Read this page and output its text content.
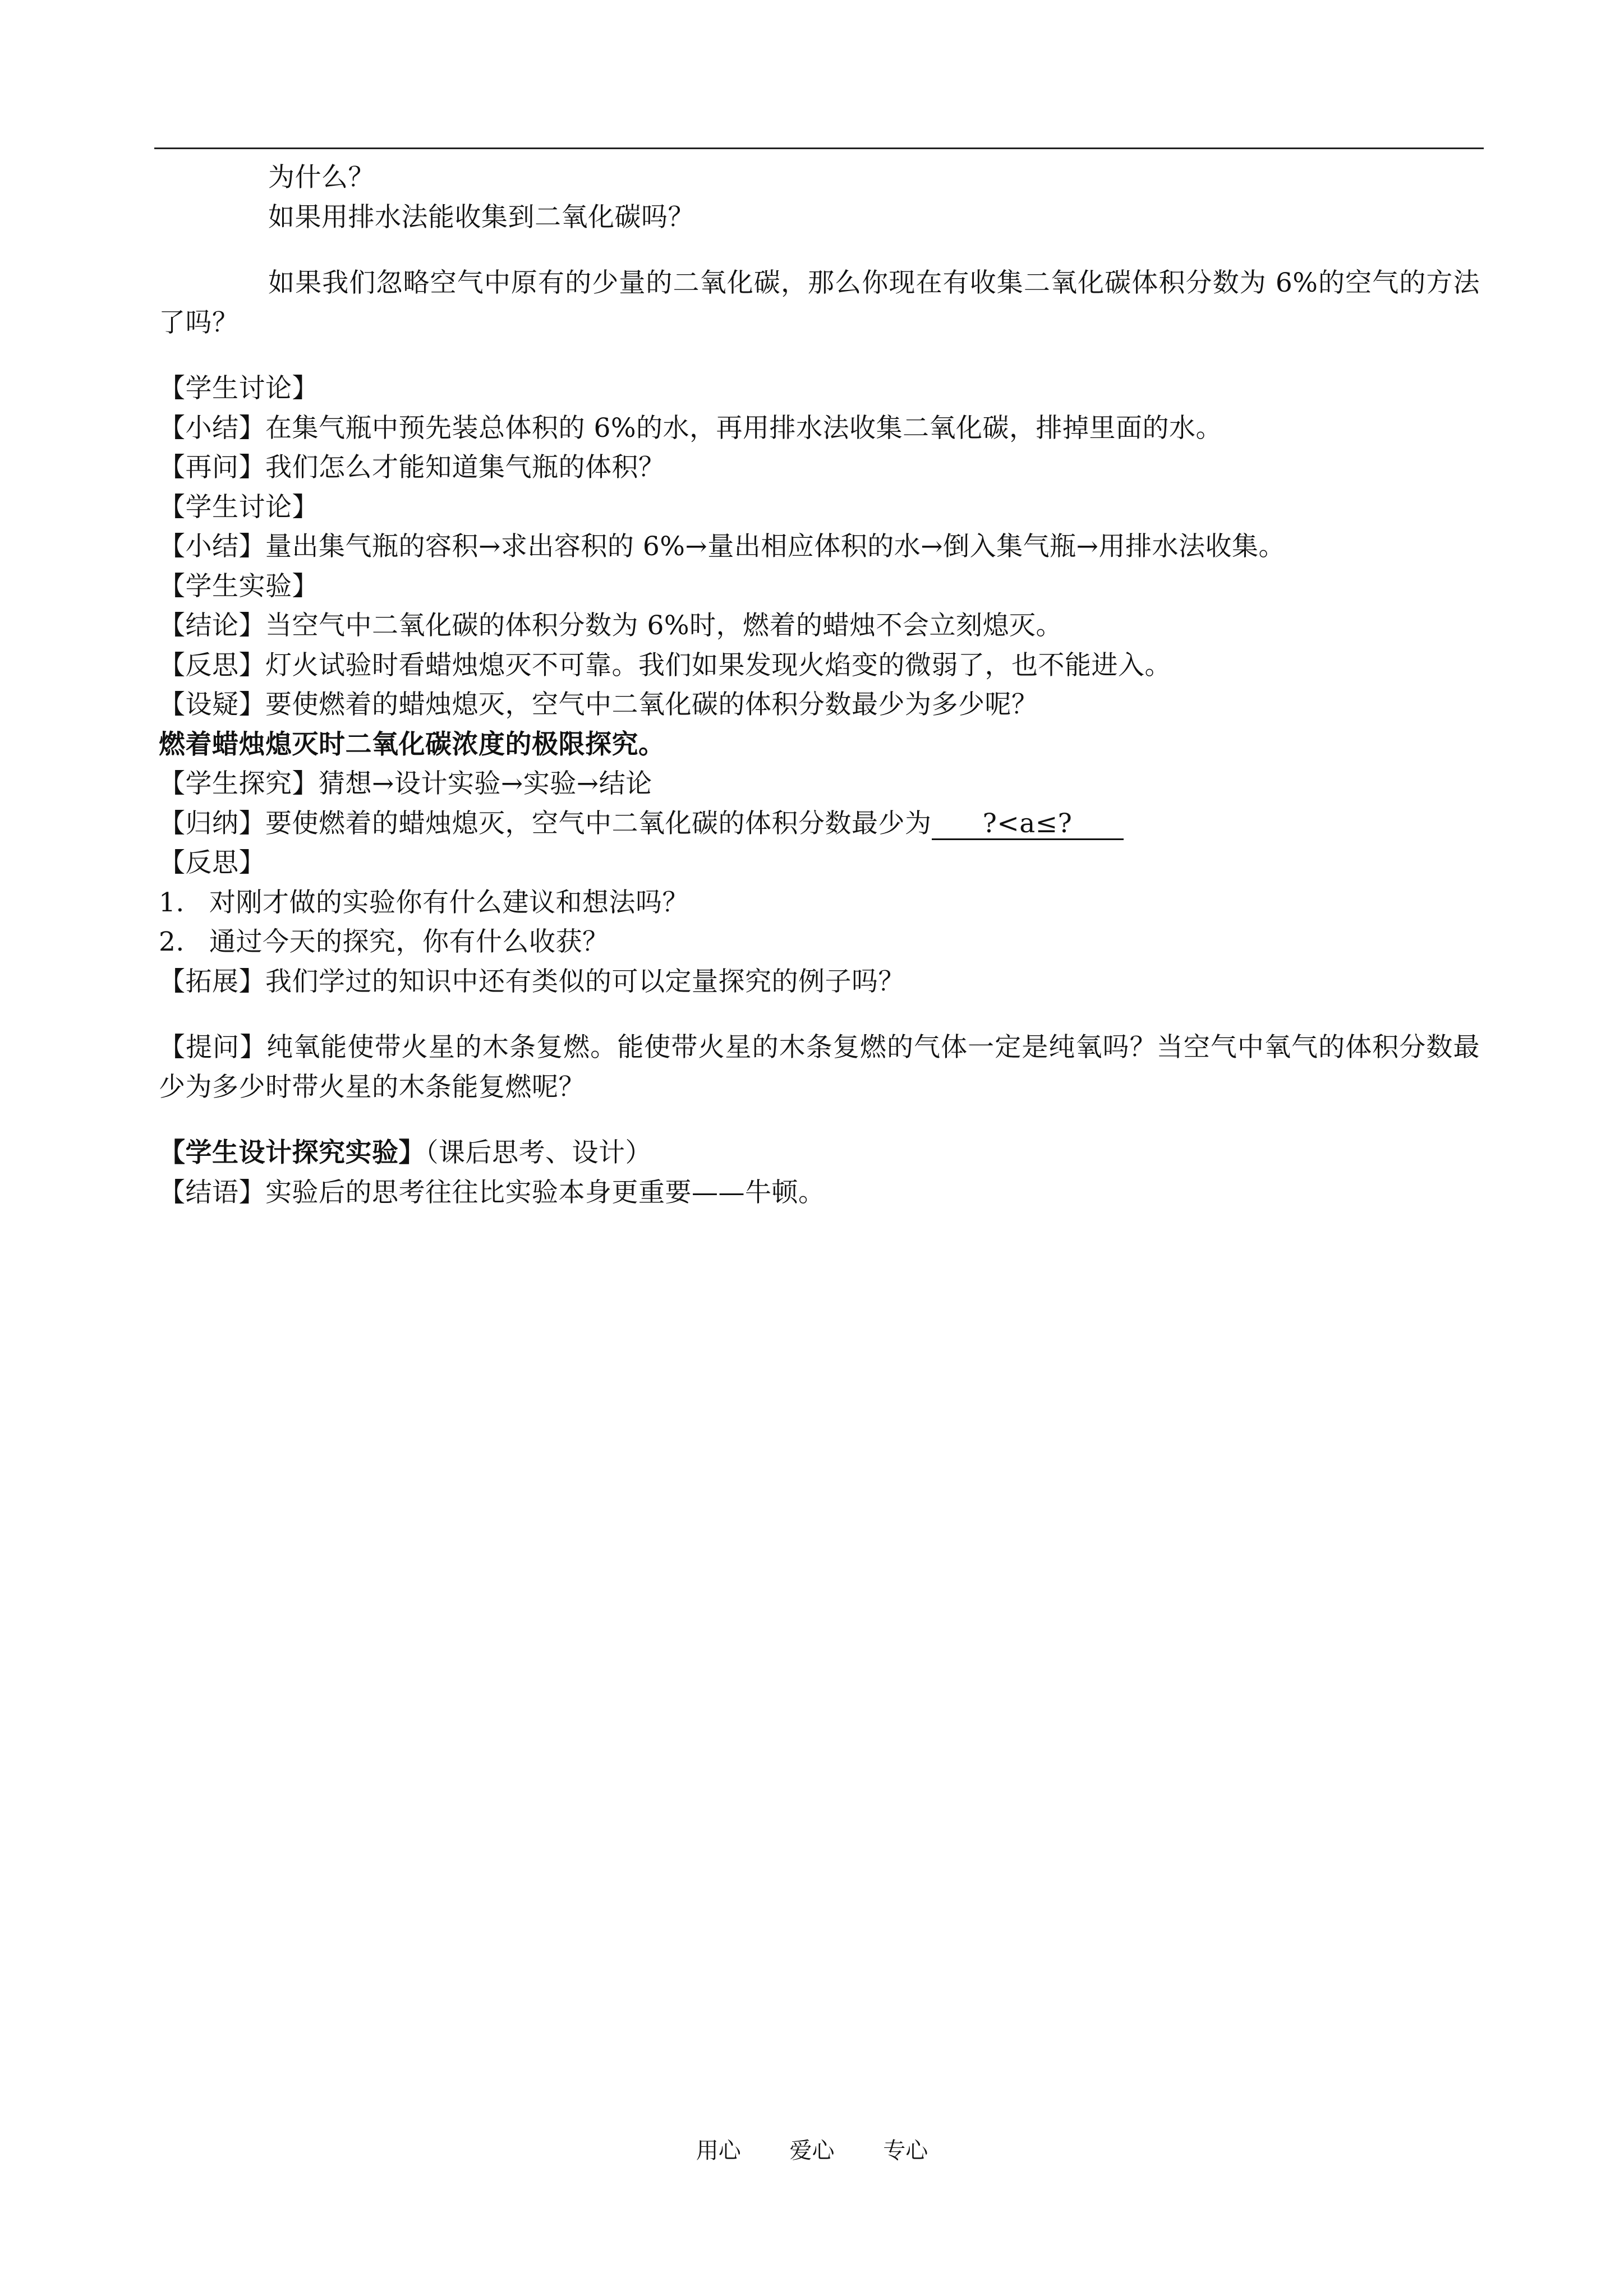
为什么？

如果用排水法能收集到二氧化碳吗？

如果我们忽略空气中原有的少量的二氧化碳，那么你现在有收集二氧化碳体积分数为 6%的空气的方法了吗？

【学生讨论】

【小结】在集气瓶中预先装总体积的 6%的水，再用排水法收集二氧化碳，排掉里面的水。

【再问】我们怎么才能知道集气瓶的体积？

【学生讨论】

【小结】量出集气瓶的容积→求出容积的 6%→量出相应体积的水→倒入集气瓶→用排水法收集。

【学生实验】

【结论】当空气中二氧化碳的体积分数为 6%时，燃着的蜡烛不会立刻熄灭。

【反思】灯火试验时看蜡烛熄灭不可靠。我们如果发现火焰变的微弱了，也不能进入。

【设疑】要使燃着的蜡烛熄灭，空气中二氧化碳的体积分数最少为多少呢？

燃着蜡烛熄灭时二氧化碳浓度的极限探究。

【学生探究】猜想→设计实验→实验→结论

【归纳】要使燃着的蜡烛熄灭，空气中二氧化碳的体积分数最少为 ?<a≤?

【反思】

1. 对刚才做的实验你有什么建议和想法吗？

2. 通过今天的探究，你有什么收获？

【拓展】我们学过的知识中还有类似的可以定量探究的例子吗？

【提问】纯氧能使带火星的木条复燃。能使带火星的木条复燃的气体一定是纯氧吗？当空气中氧气的体积分数最少为多少时带火星的木条能复燃呢？

【学生设计探究实验】（课后思考、设计）

【结语】实验后的思考往往比实验本身更重要——牛顿。

用心 爱心 专心
